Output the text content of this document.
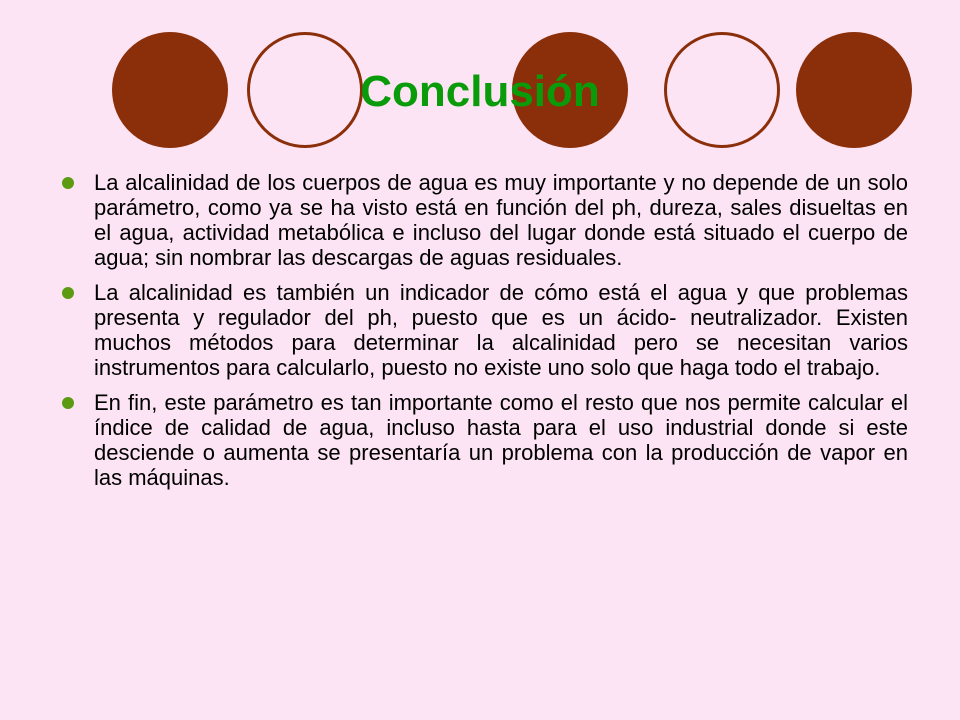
Conclusión
La alcalinidad de los cuerpos de agua es muy importante y no depende de un solo parámetro, como ya se ha visto está en función del ph, dureza, sales disueltas en el agua, actividad metabólica e incluso del lugar donde está situado el cuerpo de agua; sin nombrar las descargas de aguas residuales.
La alcalinidad es también un indicador de cómo está el agua y que problemas presenta y regulador del ph, puesto que es un ácido- neutralizador. Existen muchos métodos para determinar la alcalinidad pero se necesitan varios instrumentos para calcularlo, puesto no existe uno solo que haga todo el trabajo.
En fin, este parámetro es tan importante como el resto que nos permite calcular el índice de calidad de agua, incluso hasta para el uso industrial donde si este desciende o aumenta se presentaría un problema con la producción de vapor en las máquinas.
